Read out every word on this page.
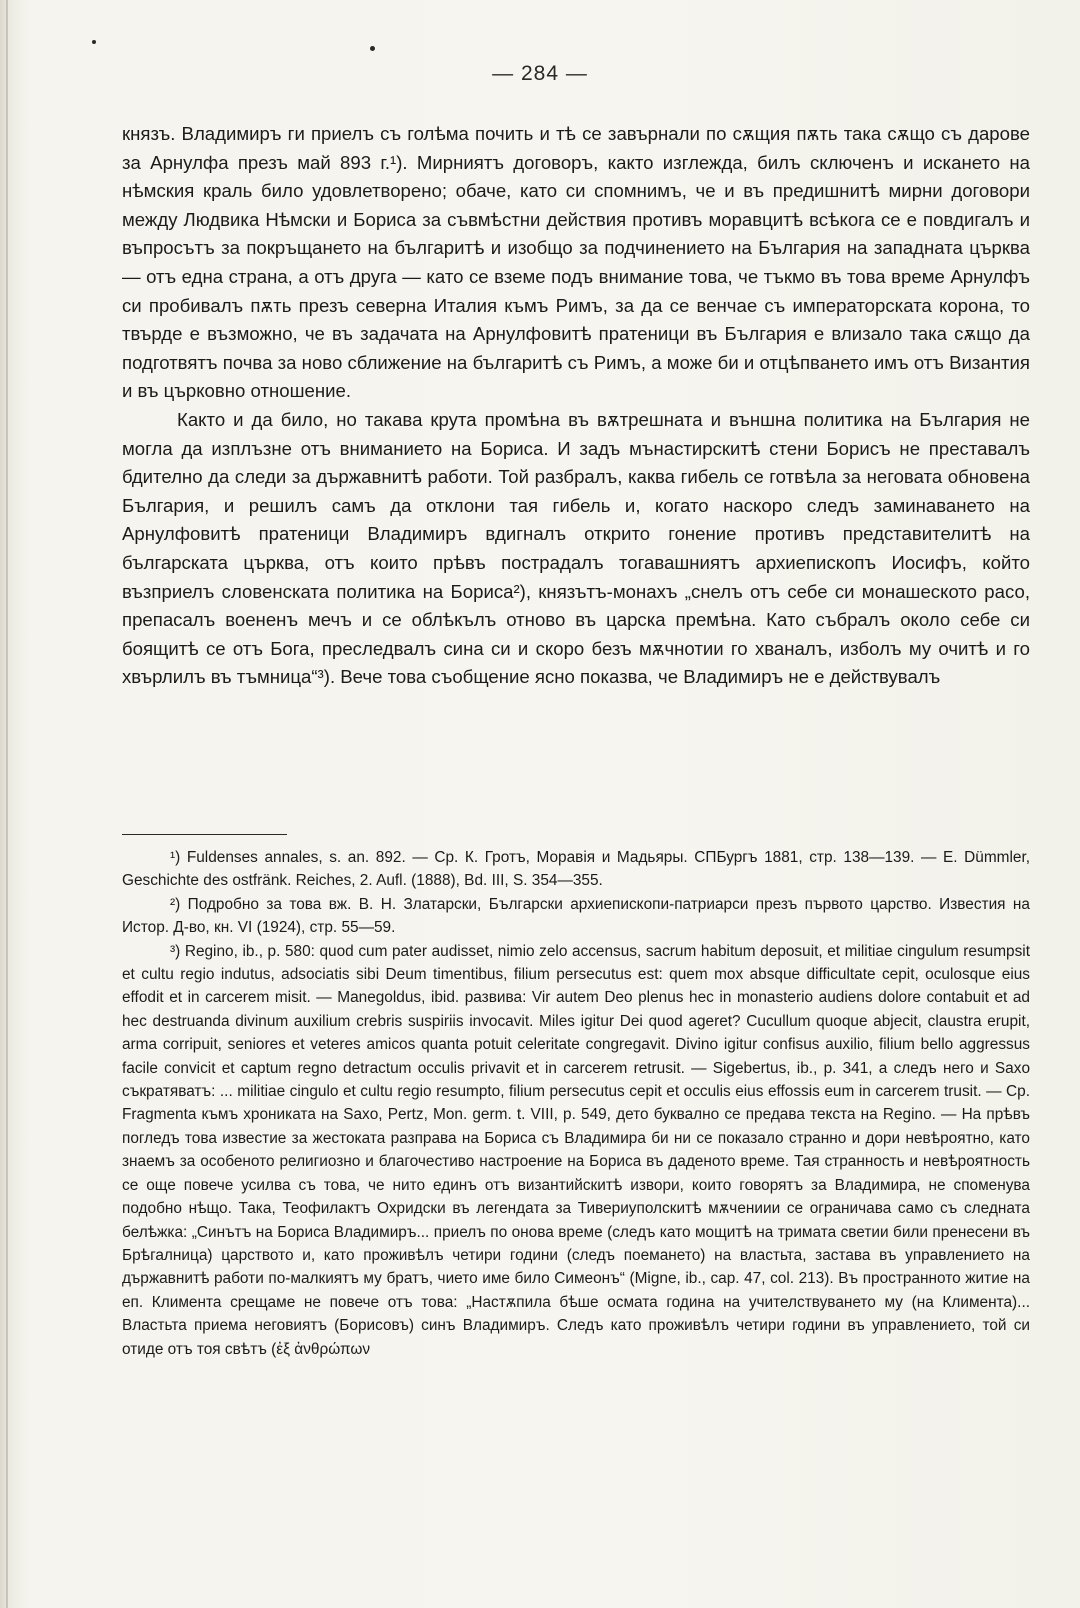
— 284 —

князъ. Владимиръ ги приелъ съ голѣма почить и тѣ се завърнали по сѫщия пѫть така сѫщо съ дарове за Арнулфа презъ май 893 г.¹). Мирниятъ договоръ, както изглежда, билъ сключенъ и искането на нѣмския краль било удовлетворено; обаче, като си спомнимъ, че и въ предишнитѣ мирни договори между Людвика Нѣмски и Бориса за съвмѣстни действия противъ моравцитѣ всѣкога се е повдигалъ и въпросътъ за покръщането на българитѣ и изобщо за подчинението на България на западната църква — отъ една страна, а отъ друга — като се вземе подъ внимание това, че тъкмо въ това време Арнулфъ си пробивалъ пѫть презъ северна Италия къмъ Римъ, за да се венчае съ императорската корона, то твърде е възможно, че въ задачата на Арнулфовитѣ пратеници въ България е влизало така сѫщо да подготвятъ почва за ново сближение на българитѣ съ Римъ, а може би и отцѣпването имъ отъ Византия и въ църковно отношение.

Както и да било, но такава крута промѣна въ вѫтрешната и външна политика на България не могла да изплъзне отъ вниманието на Бориса. И задъ мънастирскитѣ стени Борисъ не преставалъ бдително да следи за държавнитѣ работи. Той разбралъ, каква гибель се готвѣла за неговата обновена България, и решилъ самъ да отклони тая гибель и, когато наскоро следъ заминаването на Арнулфовитѣ пратеници Владимиръ вдигналъ открито гонение противъ представителитѣ на българската църква, отъ които прѣвъ пострадалъ тогавашниятъ архиепископъ Иосифъ, който възприелъ словенската политика на Бориса²), князътъ-монахъ „снелъ отъ себе си монашеското расо, препасалъ воененъ мечъ и се облѣкълъ отново въ царска премѣна. Като събралъ около себе си боящитѣ се отъ Бога, преследвалъ сина си и скоро безъ мѫчнотии го хваналъ, изболъ му очитѣ и го хвърлилъ въ тъмница“³). Вече това съобщение ясно показва, че Владимиръ не е действувалъ

¹) Fuldenses annales, s. an. 892. — Ср. К. Гротъ, Моравія и Мадьяры. СПБургъ 1881, стр. 138—139. — E. Dümmler, Geschichte des ostfränk. Reiches, 2. Aufl. (1888), Bd. III, S. 354—355.

²) Подробно за това вж. В. Н. Златарски, Български архиепископи-патриарси презъ първото царство. Известия на Истор. Д-во, кн. VI (1924), стр. 55—59.

³) Regino, ib., p. 580: quod cum pater audisset, nimio zelo accensus, sacrum habitum deposuit, et militiae cingulum resumpsit et cultu regio indutus, adsociatis sibi Deum timentibus, filium persecutus est: quem mox absque difficultate cepit, oculosque eius effodit et in carcerem misit. — Manegoldus, ibid. развива: Vir autem Deo plenus hec in monasterio audiens dolore contabuit et ad hec destruanda divinum auxilium crebris suspiriis invocavit. Miles igitur Dei quod ageret? Cucullum quoque abjecit, claustra erupit, arma corripuit, seniores et veteres amicos quanta potuit celeritate congregavit. Divino igitur confisus auxilio, filium bello aggressus facile convicit et captum regno detractum occulis privavit et in carcerem retrusit. — Sigebertus, ib., p. 341, а следъ него и Saxo съкратяватъ: ... militiae cingulo et cultu regio resumpto, filium persecutus cepit et occulis eius effossis eum in carcerem trusit. — Ср. Fragmenta къмъ хрониката на Saxo, Pertz, Mon. germ. t. VIII, p. 549, дето буквално се предава текста на Regino. — На прѣвъ погледъ това известие за жестоката разправа на Бориса съ Владимира би ни се показало странно и дори невѣроятно, като знаемъ за особеното религиозно и благочестиво настроение на Бориса въ даденото време. Тая странность и невѣроятность се още повече усилва съ това, че нито единъ отъ византийскитѣ извори, които говорятъ за Владимира, не споменува подобно нѣщо. Така, Теофилактъ Охридски въ легендата за Тивериуполскитѣ мѫчениии се ограничава само съ следната белѣжка: „Синътъ на Бориса Владимиръ... приелъ по онова време (следъ като мощитѣ на тримата светии били пренесени въ Брѣгалница) царството и, като проживѣлъ четири години (следъ поемането) на властьта, застава въ управлението на държавнитѣ работи по-малкиятъ му братъ, чието име било Симеонъ“ (Migne, ib., cap. 47, col. 213). Въ пространното житие на еп. Климента срещаме не повече отъ това: „Настѫпила бѣше осмата година на учителствуването му (на Климента)... Властьта приема неговиятъ (Борисовъ) синъ Владимиръ. Следъ като проживѣлъ четири години въ управлението, той си отиде отъ тоя свѣтъ (ἐξ ἀνθρώπων
